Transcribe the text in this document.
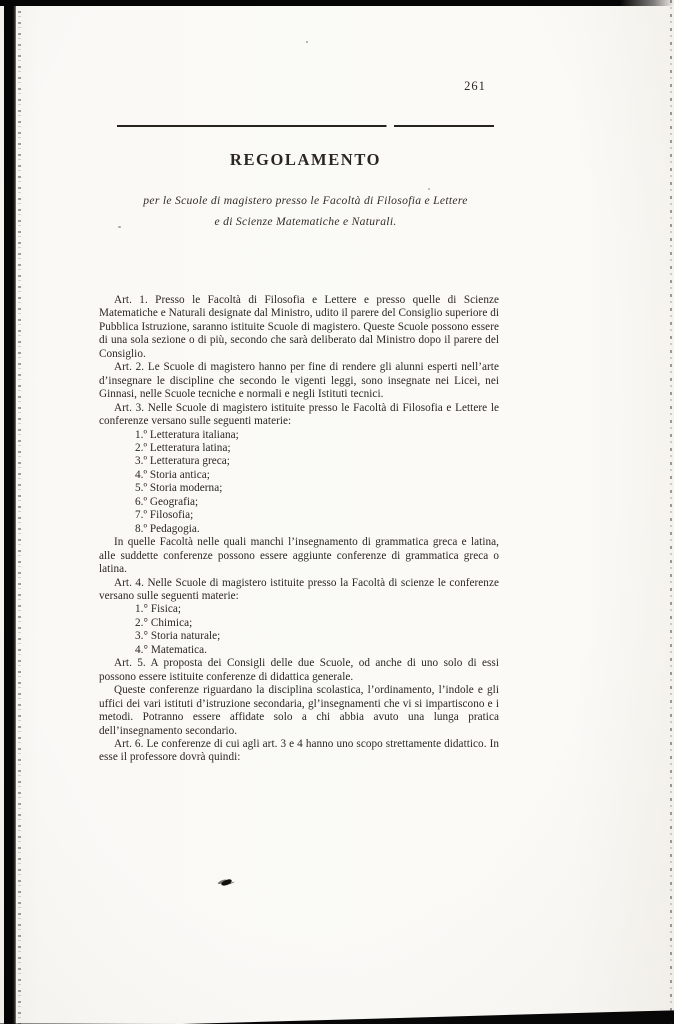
261
REGOLAMENTO

per le Scuole di magistero presso le Facoltà di Filosofia e Lettere
e di Scienze Matematiche e Naturali.

Art. 1. Presso le Facoltà di Filosofia e Lettere e presso quelle di Scienze Matematiche e Naturali designate dal Ministro, udito il parere del Consiglio superiore di Pubblica Istruzione, saranno istituite Scuole di magistero. Queste Scuole possono essere di una sola sezione o di più, secondo che sarà deliberato dal Ministro dopo il parere del Consiglio.

Art. 2. Le Scuole di magistero hanno per fine di rendere gli alunni esperti nell’arte d’insegnare le discipline che secondo le vigenti leggi, sono insegnate nei Licei, nei Ginnasi, nelle Scuole tecniche e normali e negli Istituti tecnici.

Art. 3. Nelle Scuole di magistero istituite presso le Facoltà di Filosofia e Lettere le conferenze versano sulle seguenti materie:

1.º Letteratura italiana;

2.º Letteratura latina;

3.º Letteratura greca;

4.º Storia antica;

5.º Storia moderna;

6.º Geografia;

7.º Filosofia;

8.º Pedagogia.

In quelle Facoltà nelle quali manchi l’insegnamento di grammatica greca e latina, alle suddette conferenze possono essere aggiunte conferenze di grammatica greca o latina.

Art. 4. Nelle Scuole di magistero istituite presso la Facoltà di scienze le conferenze versano sulle seguenti materie:

1.° Fisica;

2.° Chimica;

3.° Storia naturale;

4.° Matematica.

Art. 5. A proposta dei Consigli delle due Scuole, od anche di uno solo di essi possono essere istituite conferenze di didattica generale.

Queste conferenze riguardano la disciplina scolastica, l’ordinamento, l’indole e gli uffici dei vari istituti d’istruzione secondaria, gl’insegnamenti che vi si impartiscono e i metodi. Potranno essere affidate solo a chi abbia avuto una lunga pratica dell’insegnamento secondario.

Art. 6. Le conferenze di cui agli art. 3 e 4 hanno uno scopo strettamente didattico. In esse il professore dovrà quindi:
